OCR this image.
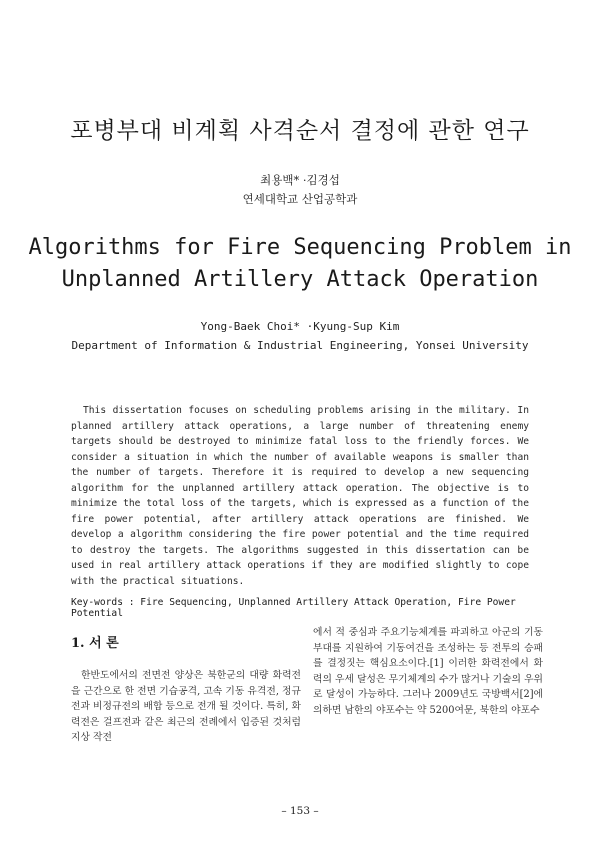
포병부대 비계획 사격순서 결정에 관한 연구
최용백* ·김경섭
연세대학교 산업공학과
Algorithms for Fire Sequencing Problem in
Unplanned Artillery Attack Operation
Yong-Baek Choi* ·Kyung-Sup Kim
Department of Information & Industrial Engineering, Yonsei University
This dissertation focuses on scheduling problems arising in the military. In planned artillery attack operations, a large number of threatening enemy targets should be destroyed to minimize fatal loss to the friendly forces. We consider a situation in which the number of available weapons is smaller than the number of targets. Therefore it is required to develop a new sequencing algorithm for the unplanned artillery attack operation. The objective is to minimize the total loss of the targets, which is expressed as a function of the fire power potential, after artillery attack operations are finished. We develop a algorithm considering the fire power potential and the time required to destroy the targets. The algorithms suggested in this dissertation can be used in real artillery attack operations if they are modified slightly to cope with the practical situations.
Key-words : Fire Sequencing, Unplanned Artillery Attack Operation, Fire Power Potential
1. 서 론
한반도에서의 전면전 양상은 북한군의 대량 화력전을 근간으로 한 전면 기습공격, 고속 기동 유격전, 정규전과 비정규전의 배합 등으로 전개 될 것이다. 특히, 화력전은 걸프전과 같은 최근의 전례에서 입증된 것처럼 지상 작전
에서 적 중심과 주요기능체계를 파괴하고 아군의 기동부대를 지원하여 기동여건을 조성하는 등 전투의 승패를 결정짓는 핵심요소이다.[1] 이러한 화력전에서 화력의 우세 달성은 무기체계의 수가 많거나 기술의 우위로 달성이 가능하다. 그러나 2009년도 국방백서[2]에 의하면 남한의 야포수는 약 5200여문, 북한의 야포수
– 153 –
